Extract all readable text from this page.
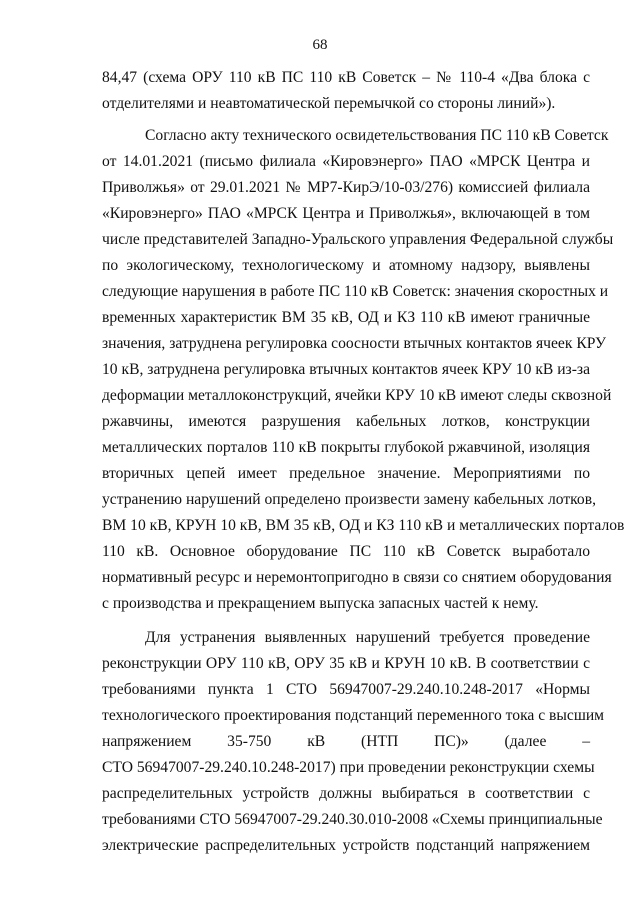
68
84,47 (схема ОРУ 110 кВ ПС 110 кВ Советск – № 110-4 «Два блока с
отделителями и неавтоматической перемычкой со стороны линий»).
Согласно акту технического освидетельствования ПС 110 кВ Советск
от 14.01.2021 (письмо филиала «Кировэнерго» ПАО «МРСК Центра и
Приволжья» от 29.01.2021 № МР7-КирЭ/10-03/276) комиссией филиала
«Кировэнерго» ПАО «МРСК Центра и Приволжья», включающей в том
числе представителей Западно-Уральского управления Федеральной службы
по экологическому, технологическому и атомному надзору, выявлены
следующие нарушения в работе ПС 110 кВ Советск: значения скоростных и
временных характеристик ВМ 35 кВ, ОД и КЗ 110 кВ имеют граничные
значения, затруднена регулировка соосности втычных контактов ячеек КРУ
10 кВ, затруднена регулировка втычных контактов ячеек КРУ 10 кВ из-за
деформации металлоконструкций, ячейки КРУ 10 кВ имеют следы сквозной
ржавчины, имеются разрушения кабельных лотков, конструкции
металлических порталов 110 кВ покрыты глубокой ржавчиной, изоляция
вторичных цепей имеет предельное значение. Мероприятиями по
устранению нарушений определено произвести замену кабельных лотков,
ВМ 10 кВ, КРУН 10 кВ, ВМ 35 кВ, ОД и КЗ 110 кВ и металлических порталов
110 кВ. Основное оборудование ПС 110 кВ Советск выработало
нормативный ресурс и неремонтопригодно в связи со снятием оборудования
с производства и прекращением выпуска запасных частей к нему.
Для устранения выявленных нарушений требуется проведение
реконструкции ОРУ 110 кВ, ОРУ 35 кВ и КРУН 10 кВ. В соответствии с
требованиями пункта 1 СТО 56947007-29.240.10.248-2017 «Нормы
технологического проектирования подстанций переменного тока с высшим
напряжением 35-750 кВ (НТП ПС)» (далее –
СТО 56947007-29.240.10.248-2017) при проведении реконструкции схемы
распределительных устройств должны выбираться в соответствии с
требованиями СТО 56947007-29.240.30.010-2008 «Схемы принципиальные
электрические распределительных устройств подстанций напряжением
